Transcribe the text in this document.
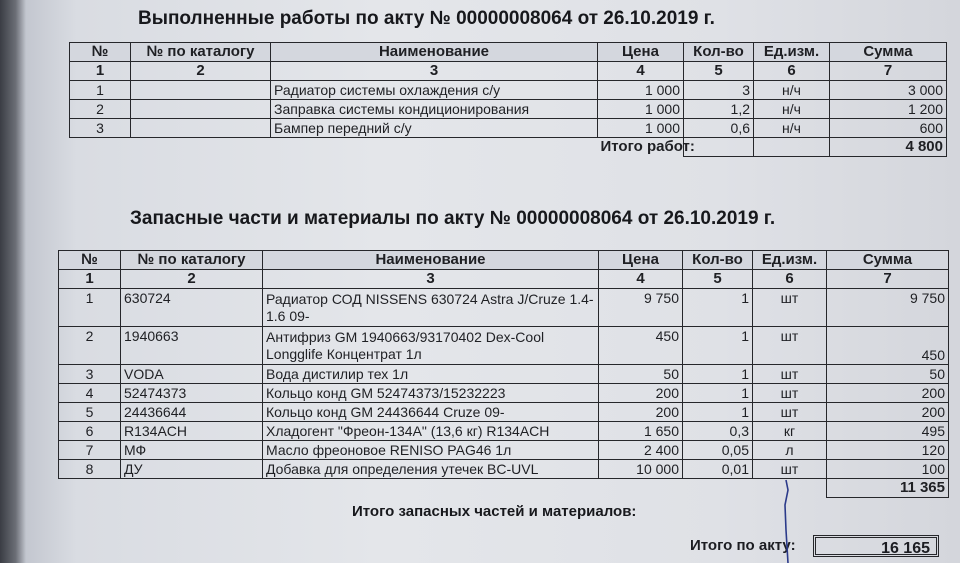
Выполненные работы по акту № 00000008064 от 26.10.2019 г.
№	№ по каталогу	Наименование	Цена	Кол-во	Ед.изм.	Сумма
1	2	3	4	5	6	7
1		Радиатор системы охлаждения с/у	1 000	3	н/ч	3 000
2		Заправка системы кондиционирования	1 000	1,2	н/ч	1 200
3		Бампер передний с/у	1 000	0,6	н/ч	600
			Итого работ:			4 800
Запасные части и материалы по акту № 00000008064 от 26.10.2019 г.
№	№ по каталогу	Наименование	Цена	Кол-во	Ед.изм.	Сумма
1	2	3	4	5	6	7
1	630724	Радиатор СОД NISSENS 630724 Astra J/Cruze 1.4-1.6 09-	9 750	1	шт	9 750
2	1940663	Антифриз GM 1940663/93170402 Dex-Cool Longglife Концентрат 1л	450	1	шт	450
3	VODA	Вода дистилир тех 1л	50	1	шт	50
4	52474373	Кольцо конд GM 52474373/15232223	200	1	шт	200
5	24436644	Кольцо конд GM 24436644 Cruze 09-	200	1	шт	200
6	R134ACH	Хладогент "Фреон-134А" (13,6 кг) R134ACH	1 650	0,3	кг	495
7	МФ	Масло фреоновое RENISO PAG46 1л	2 400	0,05	л	120
8	ДУ	Добавка для определения утечек BC-UVL	10 000	0,01	шт	100
						11 365
Итого запасных частей и материалов:
Итого по акту:	16 165
